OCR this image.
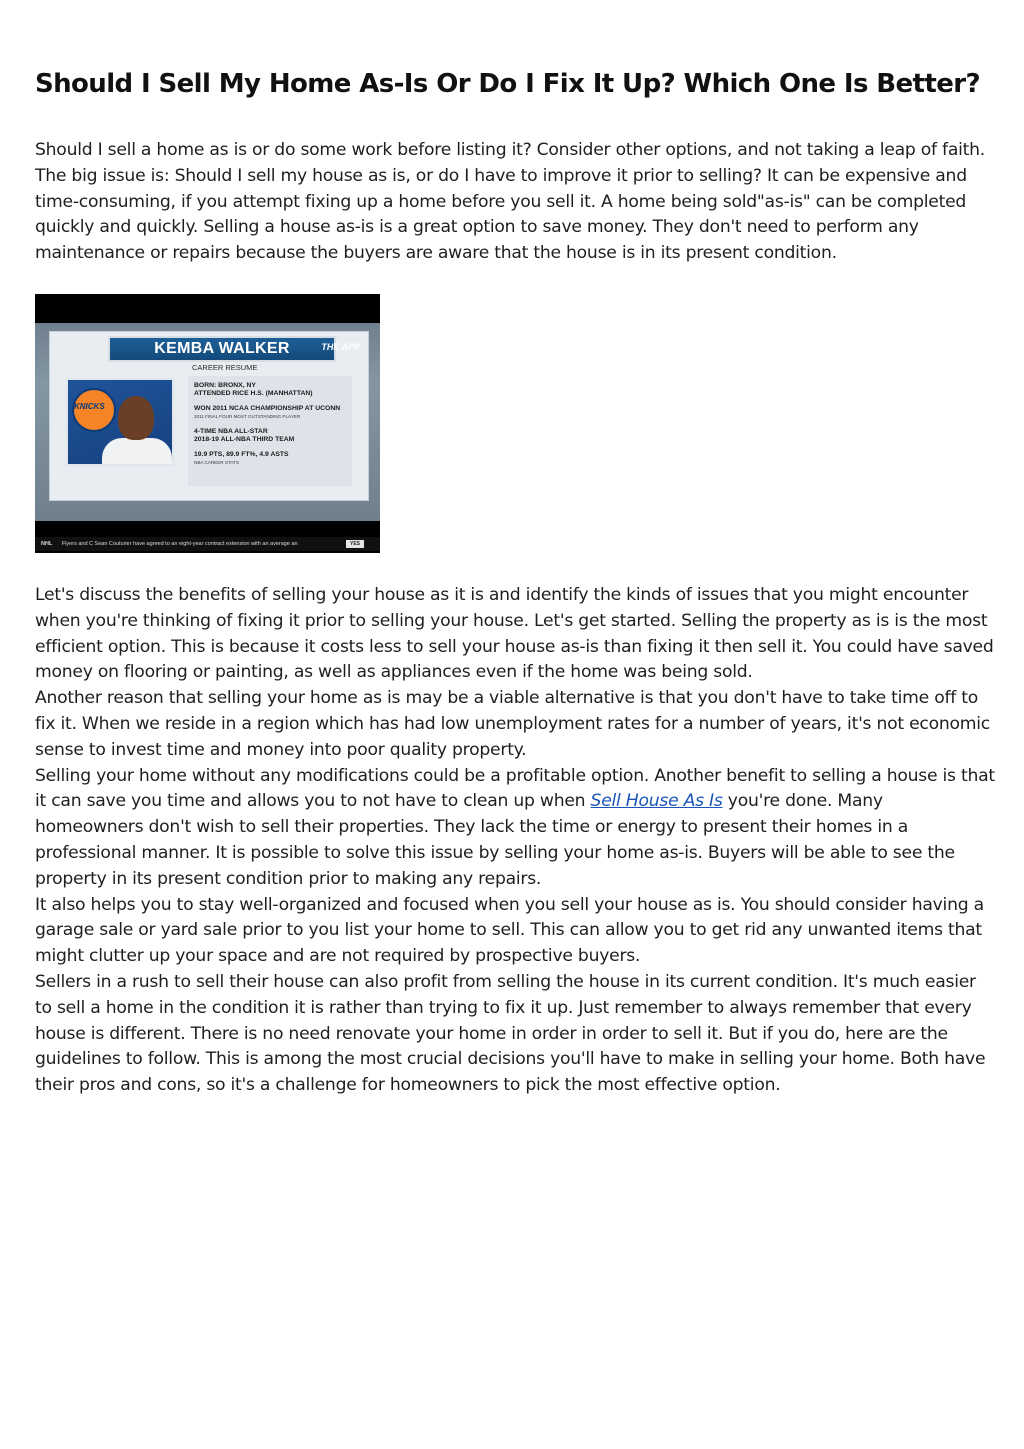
Should I Sell My Home As-Is Or Do I Fix It Up? Which One Is Better?

Should I sell a home as is or do some work before listing it? Consider other options, and not taking a leap of faith. The big issue is: Should I sell my house as is, or do I have to improve it prior to selling? It can be expensive and time-consuming, if you attempt fixing up a home before you sell it. A home being sold"as-is" can be completed quickly and quickly. Selling a house as-is is a great option to save money. They don't need to perform any maintenance or repairs because the buyers are aware that the house is in its present condition.

KEMBA WALKER
CAREER RESUME
THE APP
KNICKS
BORN: BRONX, NY
ATTENDED RICE H.S. (MANHATTAN)
WON 2011 NCAA CHAMPIONSHIP AT UCONN
2011 FINAL FOUR MOST OUTSTANDING PLAYER
4-TIME NBA ALL-STAR
2018-19 ALL-NBA THIRD TEAM
19.9 PTS, 89.9 FT%, 4.9 ASTS
NBA CAREER STATS
NHL Flyers and C Sean Couturier have agreed to an eight-year contract extension with an average an	YES

Let's discuss the benefits of selling your house as it is and identify the kinds of issues that you might encounter when you're thinking of fixing it prior to selling your house. Let's get started. Selling the property as is is the most efficient option. This is because it costs less to sell your house as-is than fixing it then sell it. You could have saved money on flooring or painting, as well as appliances even if the home was being sold.

Another reason that selling your home as is may be a viable alternative is that you don't have to take time off to fix it. When we reside in a region which has had low unemployment rates for a number of years, it's not economic sense to invest time and money into poor quality property.

Selling your home without any modifications could be a profitable option. Another benefit to selling a house is that it can save you time and allows you to not have to clean up when Sell House As Is you're done. Many homeowners don't wish to sell their properties. They lack the time or energy to present their homes in a professional manner. It is possible to solve this issue by selling your home as-is. Buyers will be able to see the property in its present condition prior to making any repairs.

It also helps you to stay well-organized and focused when you sell your house as is. You should consider having a garage sale or yard sale prior to you list your home to sell. This can allow you to get rid any unwanted items that might clutter up your space and are not required by prospective buyers.

Sellers in a rush to sell their house can also profit from selling the house in its current condition. It's much easier to sell a home in the condition it is rather than trying to fix it up. Just remember to always remember that every house is different. There is no need renovate your home in order in order to sell it. But if you do, here are the guidelines to follow. This is among the most crucial decisions you'll have to make in selling your home. Both have their pros and cons, so it's a challenge for homeowners to pick the most effective option.
